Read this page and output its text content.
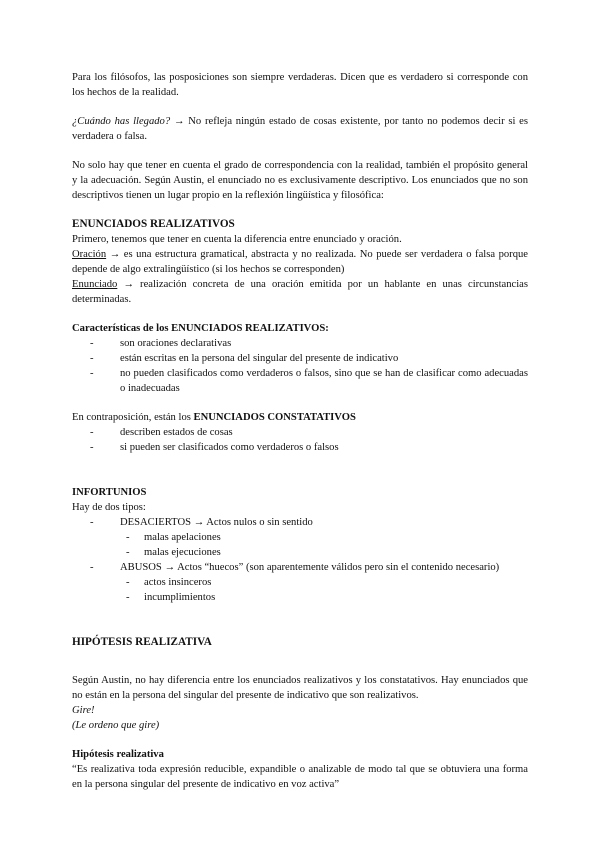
Para los filósofos, las posposiciones son siempre verdaderas. Dicen que es verdadero si corresponde con los hechos de la realidad.

¿Cuándo has llegado? → No refleja ningún estado de cosas existente, por tanto no podemos decir si es verdadera o falsa.

No solo hay que tener en cuenta el grado de correspondencia con la realidad, también el propósito general y la adecuación. Según Austin, el enunciado no es exclusivamente descriptivo. Los enunciados que no son descriptivos tienen un lugar propio en la reflexión lingüística y filosófica:

ENUNCIADOS REALIZATIVOS

Primero, tenemos que tener en cuenta la diferencia entre enunciado y oración.

Oración → es una estructura gramatical, abstracta y no realizada. No puede ser verdadera o falsa porque depende de algo extralingüístico (si los hechos se corresponden)

Enunciado → realización concreta de una oración emitida por un hablante en unas circunstancias determinadas.

Características de los ENUNCIADOS REALIZATIVOS:

- son oraciones declarativas
- están escritas en la persona del singular del presente de indicativo
- no pueden clasificados como verdaderos o falsos, sino que se han de clasificar como adecuadas o inadecuadas

En contraposición, están los ENUNCIADOS CONSTATATIVOS

- describen estados de cosas
- si pueden ser clasificados como verdaderos o falsos

INFORTUNIOS

Hay de dos tipos:

- DESACIERTOS → Actos nulos o sin sentido
- malas apelaciones
- malas ejecuciones
- ABUSOS → Actos “huecos” (son aparentemente válidos pero sin el contenido necesario)
- actos insinceros
- incumplimientos

HIPÓTESIS REALIZATIVA

Según Austin, no hay diferencia entre los enunciados realizativos y los constatativos. Hay enunciados que no están en la persona del singular del presente de indicativo que son realizativos.

Gire!

(Le ordeno que gire)

Hipótesis realizativa

“Es realizativa toda expresión reducible, expandible o analizable de modo tal que se obtuviera una forma en la persona singular del presente de indicativo en voz activa”
